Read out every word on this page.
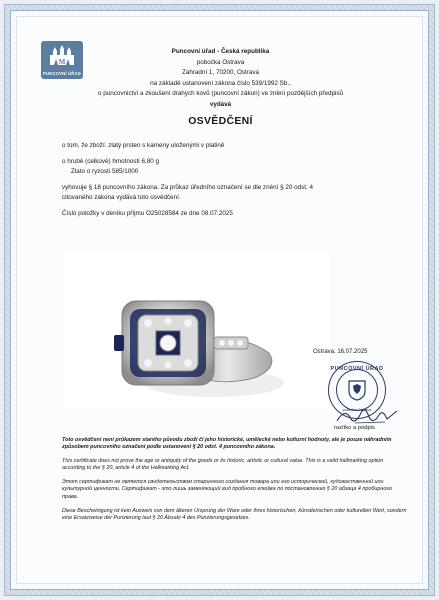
M
PUNCOVNÍ ÚŘAD
Puncovní úřad - Česká republika
pobočka Ostrava
Zahradní 1, 70200, Ostrava
na základě ustanovení zákona číslo 539/1992 Sb.,
o puncovnictví a zkoušení drahých kovů (puncovní zákon) ve znění pozdějších předpisů
vydává
OSVĚDČENÍ
o tom, že zboží: zlatý prsten s kameny uloženými v platině
o hrubé (celkové) hmotnosti 6,80 g
Zlato o ryzosti 585/1000
vyhovuje § 18 puncovního zákona. Za průkaz úředního označení se dle znění § 20 odst. 4
citovaného zákona vydává toto osvědčení.
Číslo položky v deníku příjmu O25028584 ze dne 08.07.2025
Ostrava, 16.07.2025
PUNCOVNÍ ÚŘAD
pobočka Ostrava
razítko a podpis
Toto osvědčení není průkazem starého původu zboží či jeho historické, umělecké nebo kulturní hodnoty, ale je pouze náhradním způsobem puncovního označení podle ustanovení § 20 odst. 4 puncovního zákona.
This certificate does not prove the age or antiquity of the goods or its historic, artistic or cultural value. This is a valid hallmarking option according to the § 20, article 4 of the Hallmarking Act.
Этот сертификат не является свидетельством старинного создания товара или его исторической, художественной или культурной ценности. Сертификат - это лишь заменяющий вид пробного клейма по постановлению § 20 абзаца 4 пробирного права.
Diese Bescheinigung ist kein Ausweis von dem älteren Ursprung der Ware oder ihres historischen, künstlerischen oder kulturellen Wert, sondern eine Ersatzweise der Punzierung laut § 20 Absatz 4 des Punzierungsgesetzes.
